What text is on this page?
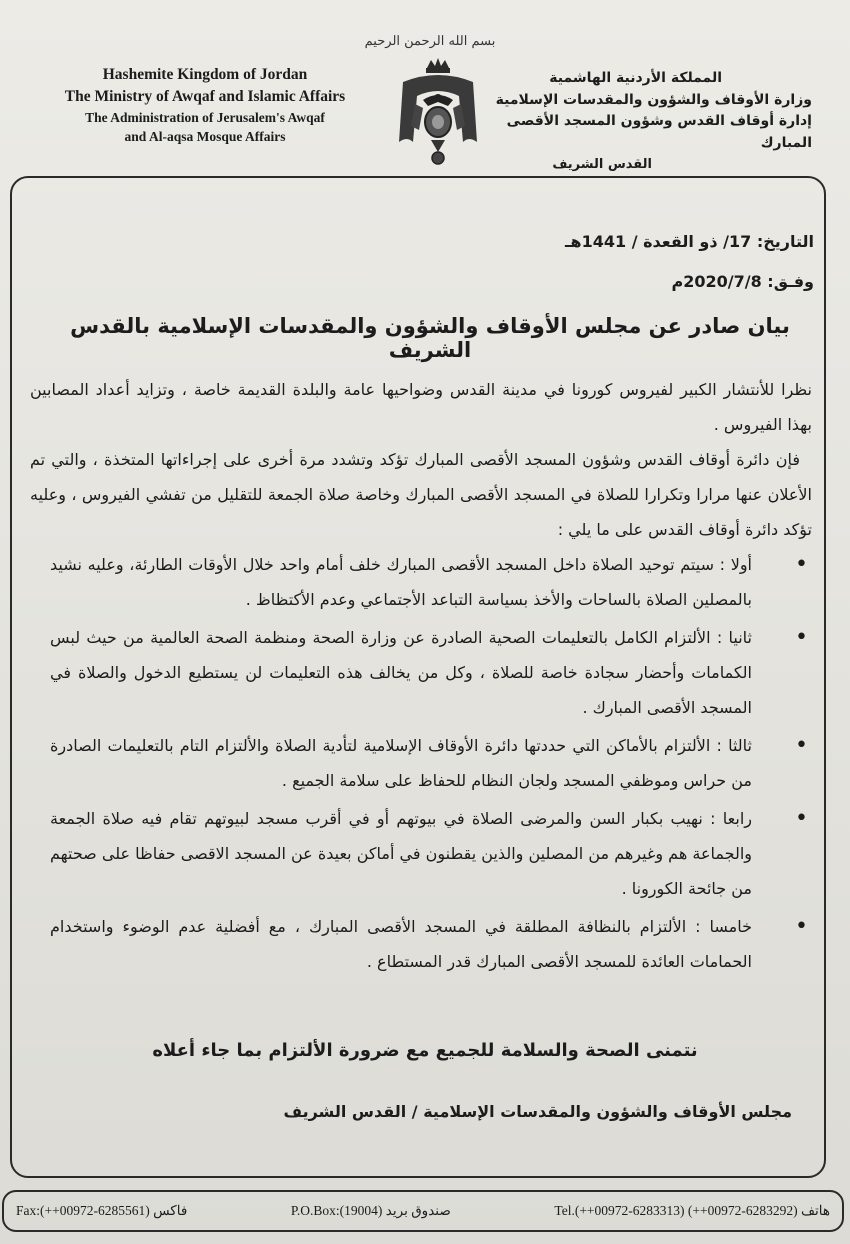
بسم الله الرحمن الرحيم
Hashemite Kingdom of Jordan
The Ministry of Awqaf and Islamic Affairs
The Administration of Jerusalem's Awqaf
and Al-aqsa Mosque Affairs
المملكة الأردنية الهاشمية
وزارة الأوقاف والشؤون والمقدسات الإسلامية
إدارة أوقاف القدس وشؤون المسجد الأقصى المبارك
القدس الشريف
التاريخ: 17/ ذو القعدة / 1441هـ
وفـق: 2020/7/8م
بيان صادر عن مجلس الأوقاف والشؤون والمقدسات الإسلامية بالقدس الشريف

نظرا للأنتشار الكبير لفيروس كورونا في مدينة القدس وضواحيها عامة والبلدة القديمة خاصة ، وتزايد أعداد المصابين بهذا الفيروس .

فإن دائرة أوقاف القدس وشؤون المسجد الأقصى المبارك تؤكد وتشدد مرة أخرى على إجراءاتها المتخذة ، والتي تم الأعلان عنها مرارا وتكرارا للصلاة في المسجد الأقصى المبارك وخاصة صلاة الجمعة للتقليل من تفشي الفيروس ، وعليه تؤكد دائرة أوقاف القدس على ما يلي :

•
أولا : سيتم توحيد الصلاة داخل المسجد الأقصى المبارك خلف أمام واحد خلال الأوقات الطارئة، وعليه نشيد بالمصلين الصلاة بالساحات والأخذ بسياسة التباعد الأجتماعي وعدم الأكتظاظ .
•
ثانيا : الألتزام الكامل بالتعليمات الصحية الصادرة عن وزارة الصحة ومنظمة الصحة العالمية من حيث لبس الكمامات وأحضار سجادة خاصة للصلاة ، وكل من يخالف هذه التعليمات لن يستطيع الدخول والصلاة في المسجد الأقصى المبارك .
•
ثالثا : الألتزام بالأماكن التي حددتها دائرة الأوقاف الإسلامية لتأدية الصلاة والألتزام التام بالتعليمات الصادرة من حراس وموظفي المسجد ولجان النظام للحفاظ على سلامة الجميع .
•
رابعا : نهيب بكبار السن والمرضى الصلاة في بيوتهم أو في أقرب مسجد لبيوتهم تقام فيه صلاة الجمعة والجماعة هم وغيرهم من المصلين والذين يقطنون في أماكن بعيدة عن المسجد الاقصى حفاظا على صحتهم من جائحة الكورونا .
•
خامسا : الألتزام بالنظافة المطلقة في المسجد الأقصى المبارك ، مع أفضلية عدم الوضوء واستخدام الحمامات العائدة للمسجد الأقصى المبارك قدر المستطاع .
نتمنى الصحة والسلامة للجميع مع ضرورة الألتزام بما جاء أعلاه
مجلس الأوقاف والشؤون والمقدسات الإسلامية / القدس الشريف
Fax:(++00972-6285561) فاكس	P.O.Box:(19004) صندوق بريد	Tel.(++00972-6283313) (++00972-6283292) هاتف
